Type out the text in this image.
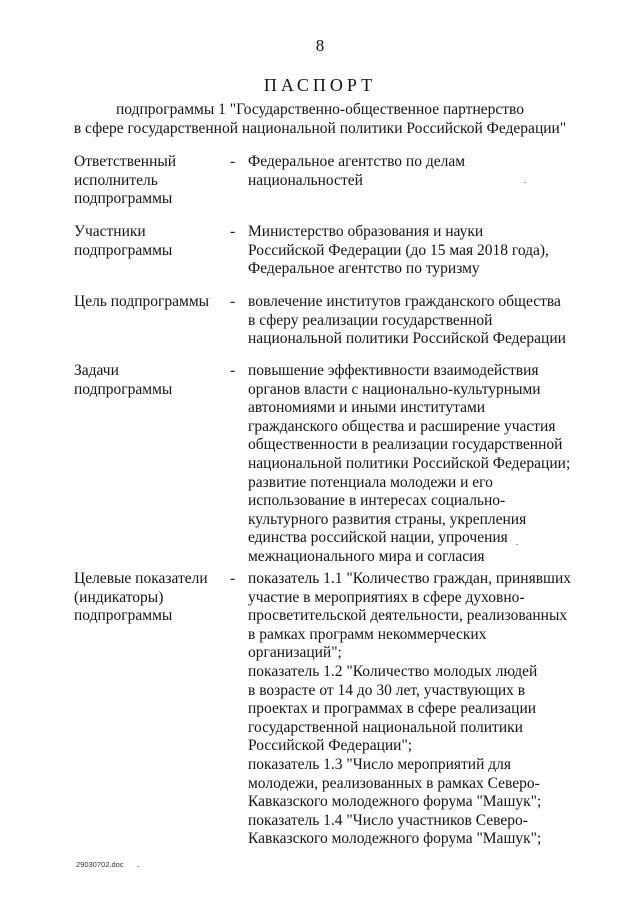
8
ПАСПОРТ
подпрограммы 1 "Государственно-общественное партнерство
в сфере государственной национальной политики Российской Федерации"
Ответственный
исполнитель
подпрограммы
- Федеральное агентство по делам
национальностей
Участники
подпрограммы
- Министерство образования и науки
Российской Федерации (до 15 мая 2018 года),
Федеральное агентство по туризму
Цель подпрограммы	- вовлечение институтов гражданского общества
в сферу реализации государственной
национальной политики Российской Федерации
Задачи
подпрограммы
- повышение эффективности взаимодействия
органов власти с национально-культурными
автономиями и иными институтами
гражданского общества и расширение участия
общественности в реализации государственной
национальной политики Российской Федерации;
развитие потенциала молодежи и его
использование в интересах социально-
культурного развития страны, укрепления
единства российской нации, упрочения
межнационального мира и согласия
Целевые показатели
(индикаторы)
подпрограммы
- показатель 1.1 "Количество граждан, принявших
участие в мероприятиях в сфере духовно-
просветительской деятельности, реализованных
в рамках программ некоммерческих
организаций";
показатель 1.2 "Количество молодых людей
в возрасте от 14 до 30 лет, участвующих в
проектах и программах в сфере реализации
государственной национальной политики
Российской Федерации";
показатель 1.3 "Число мероприятий для
молодежи, реализованных в рамках Северо-
Кавказского молодежного форума "Машук";
показатель 1.4 "Число участников Северо-
Кавказского молодежного форума "Машук";
29030702.doc
